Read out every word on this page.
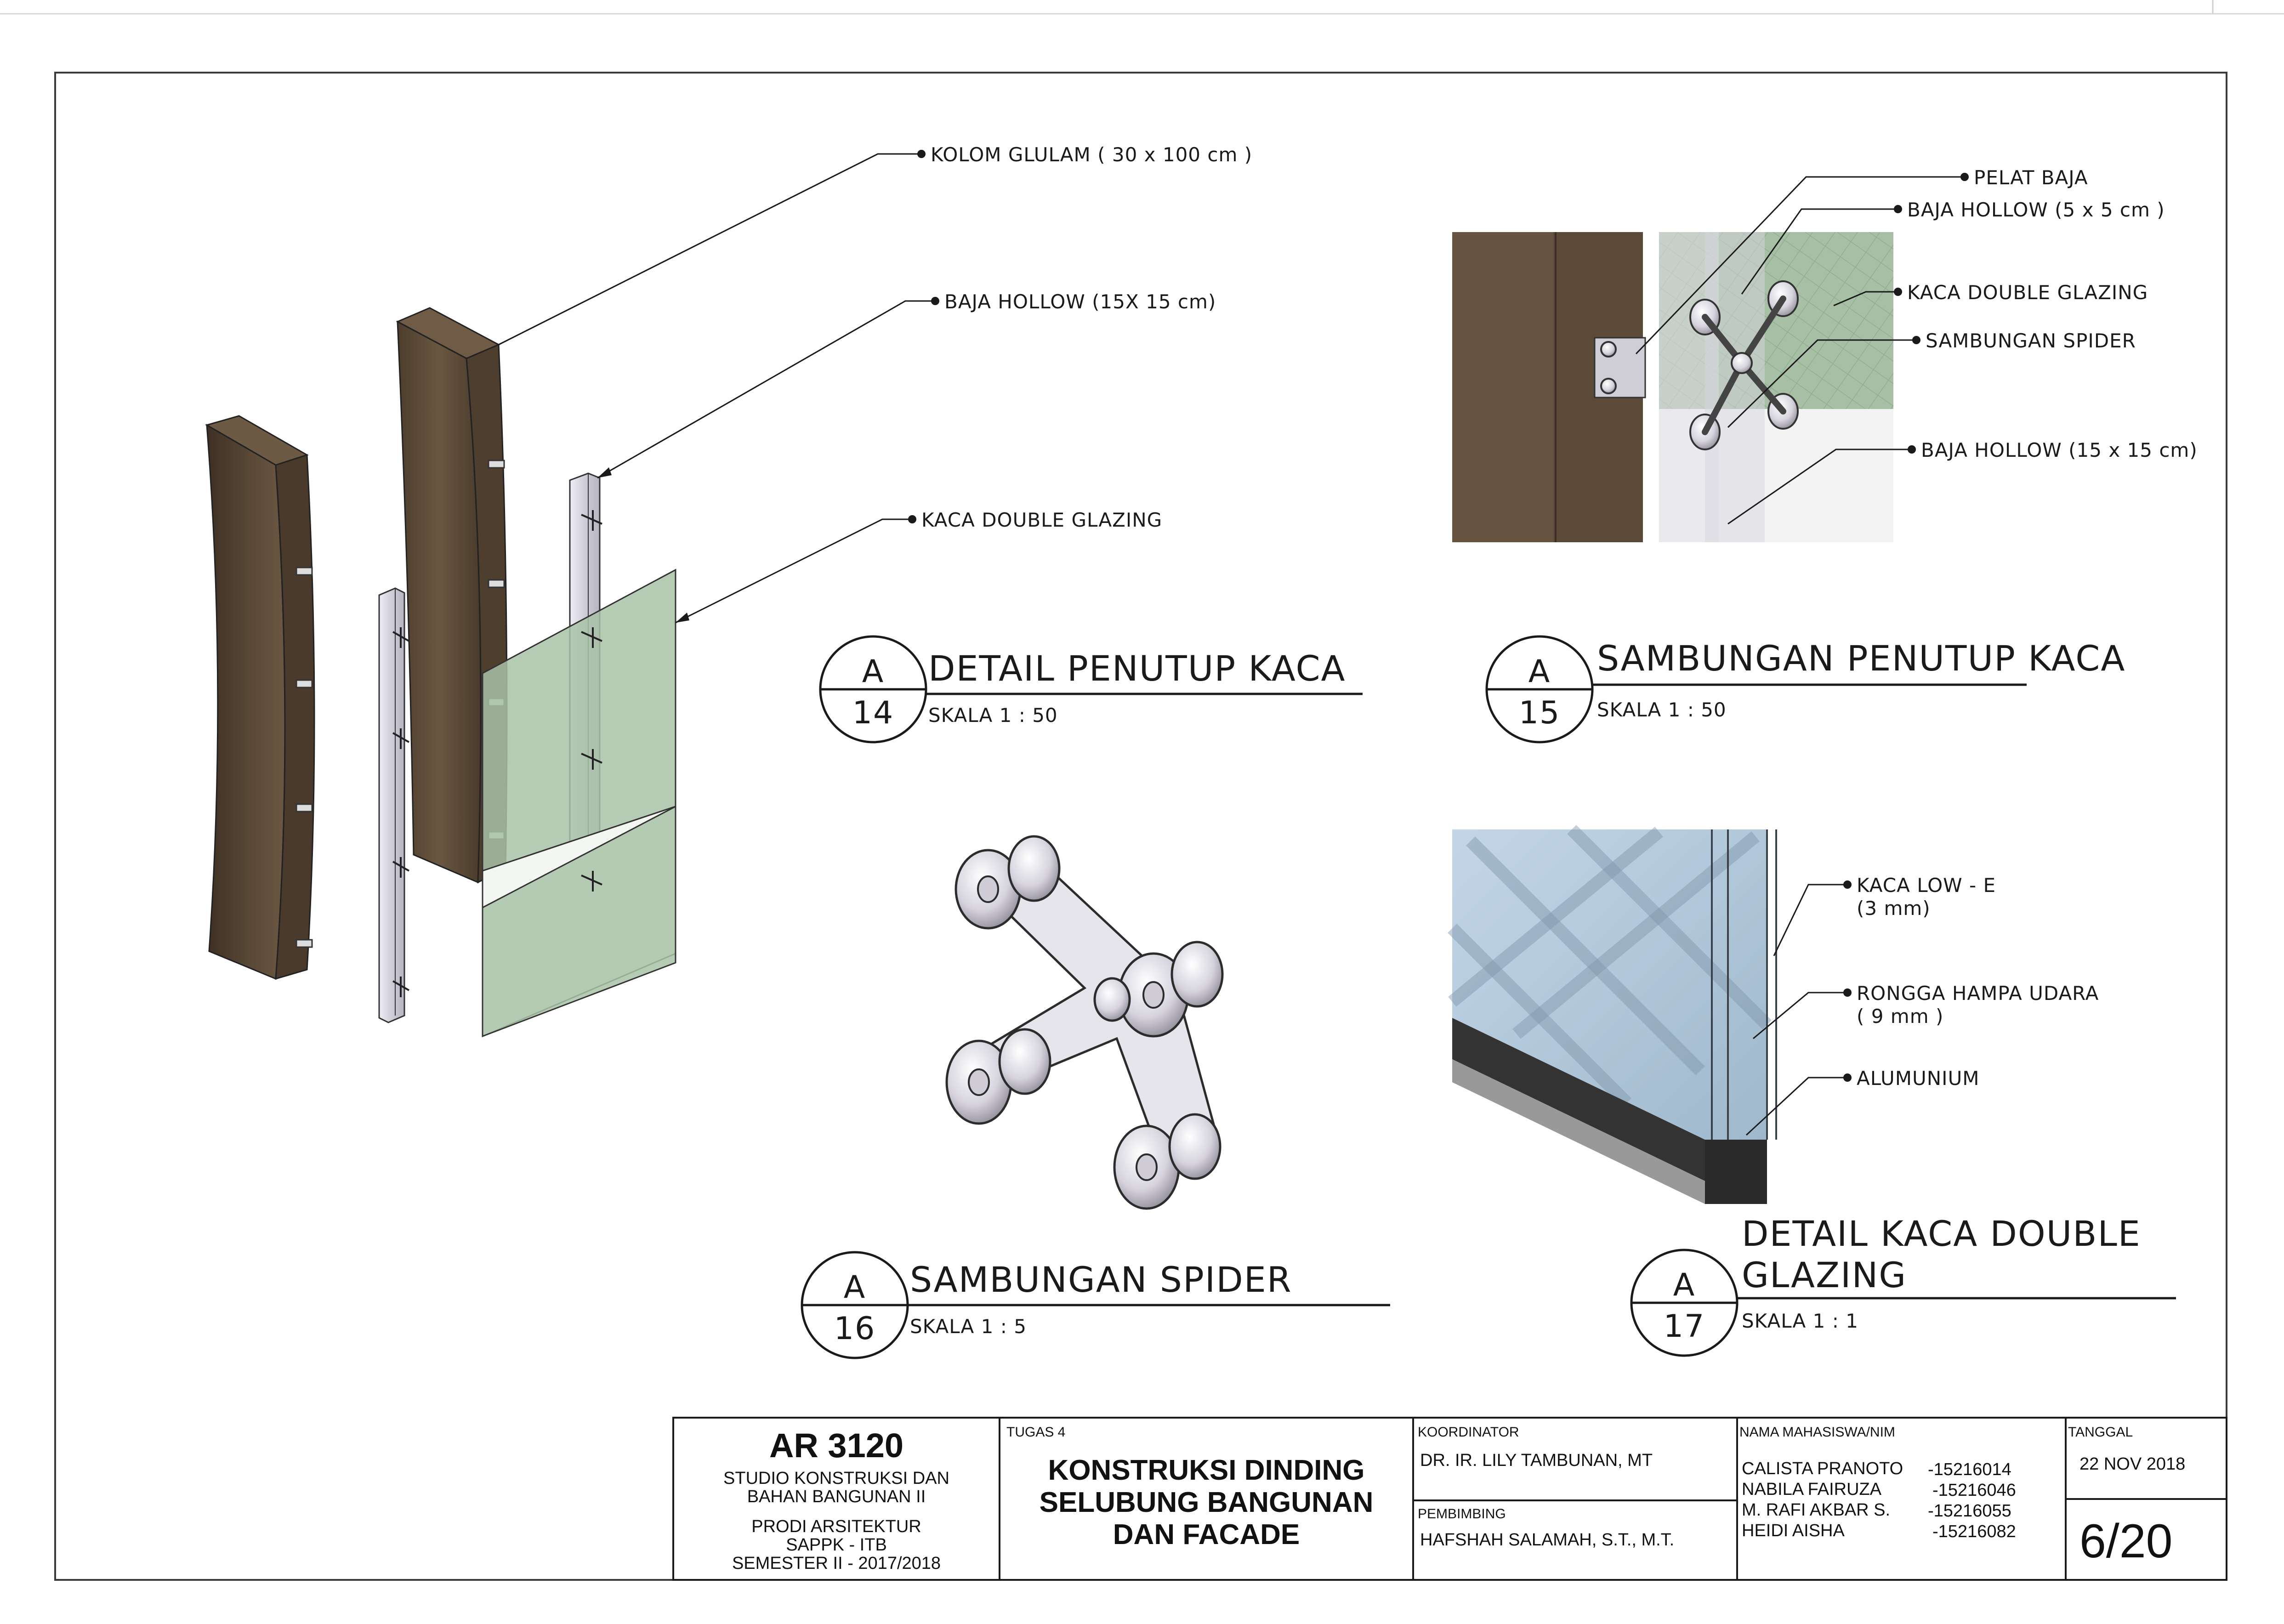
KOLOM GLULAM ( 30 x 100 cm )
BAJA HOLLOW (15X 15 cm)
KACA DOUBLE GLAZING
A
14
DETAIL PENUTUP KACA
SKALA 1 : 50
PELAT BAJA
BAJA HOLLOW (5 x 5 cm )
KACA DOUBLE GLAZING
SAMBUNGAN SPIDER
BAJA HOLLOW (15 x 15 cm)
A
15
SAMBUNGAN PENUTUP KACA
SKALA 1 : 50
A
16
SAMBUNGAN SPIDER
SKALA 1 : 5
KACA LOW - E
(3 mm)
RONGGA HAMPA UDARA
( 9 mm )
ALUMUNIUM
A
17
DETAIL KACA DOUBLE
GLAZING
SKALA 1 : 1
AR 3120
STUDIO KONSTRUKSI DAN
BAHAN BANGUNAN II
PRODI ARSITEKTUR
SAPPK - ITB
SEMESTER II - 2017/2018
TUGAS 4
KONSTRUKSI DINDING
SELUBUNG BANGUNAN
DAN FACADE
KOORDINATOR
DR. IR. LILY TAMBUNAN, MT
PEMBIMBING
HAFSHAH SALAMAH, S.T., M.T.
NAMA MAHASISWA/NIM
CALISTA PRANOTO -15216014
NABILA FAIRUZA	-15216046
M. RAFI AKBAR S. -15216055
HEIDI AISHA	-15216082
TANGGAL
22 NOV 2018
6/20
